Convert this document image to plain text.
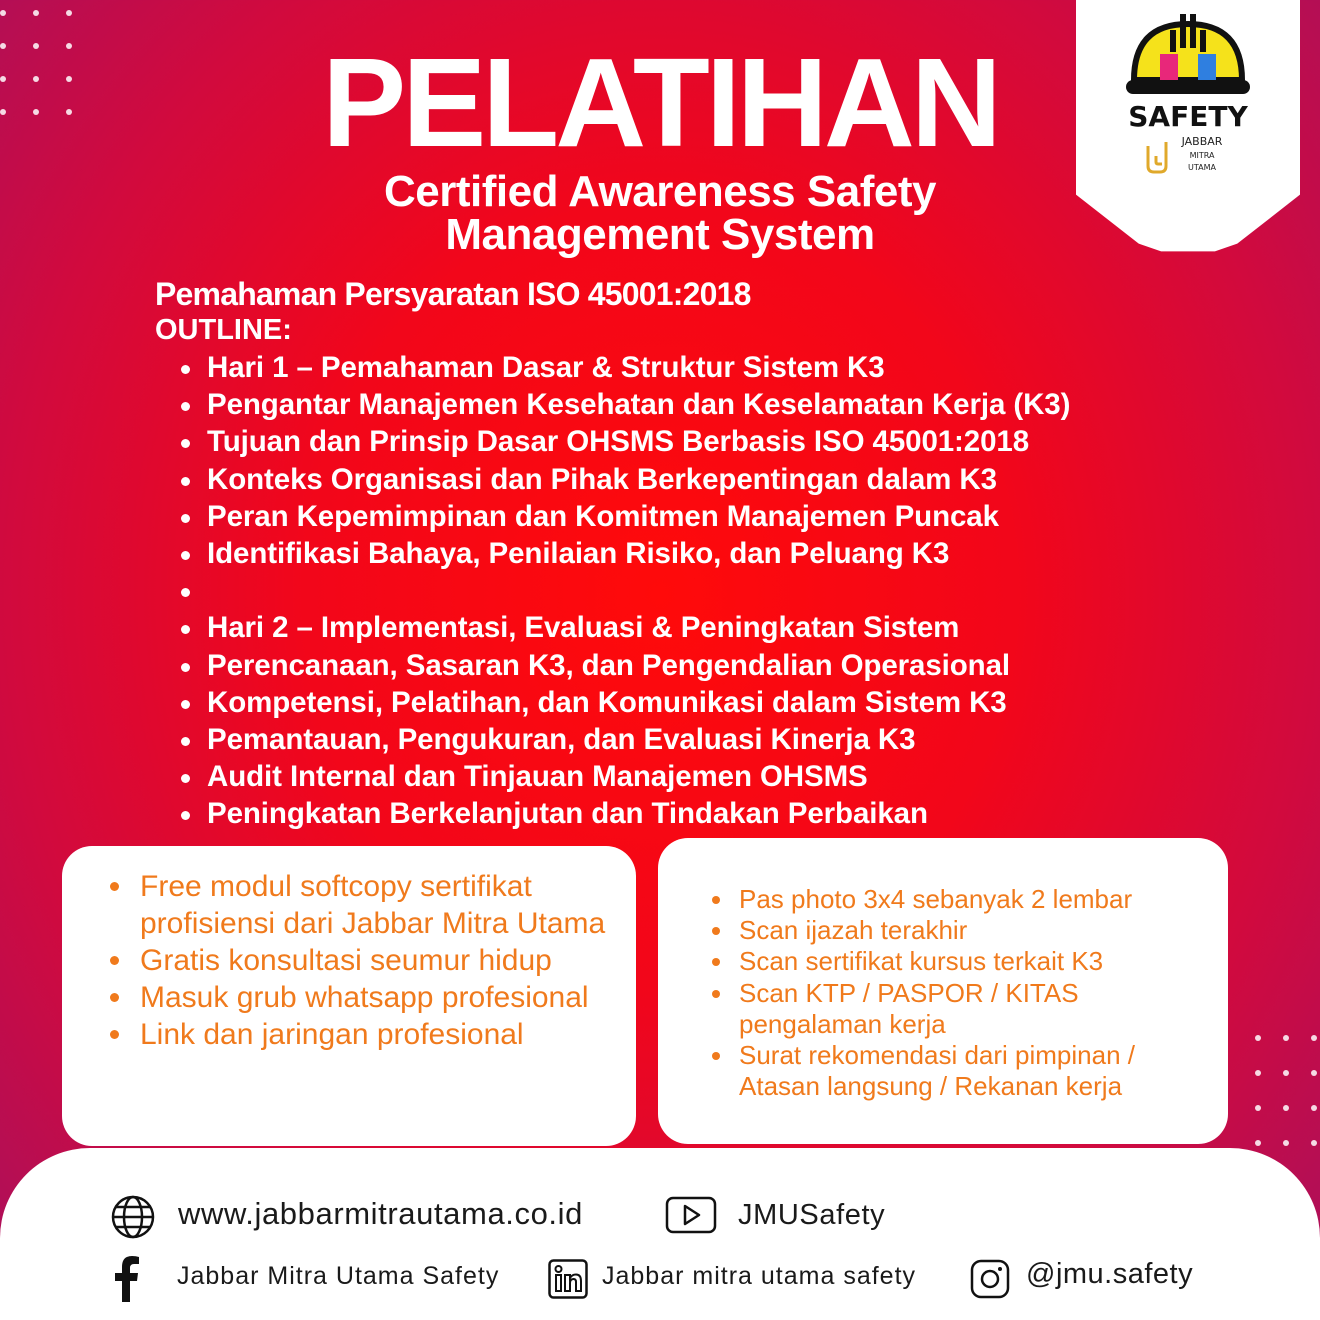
SAFETY
JABBAR
MITRA
UTAMA
PELATIHAN
Certified Awareness Safety
Management System
Pemahaman Persyaratan ISO 45001:2018
OUTLINE:
Hari 1 – Pemahaman Dasar & Struktur Sistem K3
Pengantar Manajemen Kesehatan dan Keselamatan Kerja (K3)
Tujuan dan Prinsip Dasar OHSMS Berbasis ISO 45001:2018
Konteks Organisasi dan Pihak Berkepentingan dalam K3
Peran Kepemimpinan dan Komitmen Manajemen Puncak
Identifikasi Bahaya, Penilaian Risiko, dan Peluang K3
Hari 2 – Implementasi, Evaluasi & Peningkatan Sistem
Perencanaan, Sasaran K3, dan Pengendalian Operasional
Kompetensi, Pelatihan, dan Komunikasi dalam Sistem K3
Pemantauan, Pengukuran, dan Evaluasi Kinerja K3
Audit Internal dan Tinjauan Manajemen OHSMS
Peningkatan Berkelanjutan dan Tindakan Perbaikan
Free modul softcopy sertifikat profisiensi dari Jabbar Mitra Utama
Gratis konsultasi seumur hidup
Masuk grub whatsapp profesional
Link dan jaringan profesional
Pas photo 3x4 sebanyak 2 lembar
Scan ijazah terakhir
Scan sertifikat kursus terkait K3
Scan KTP / PASPOR / KITAS pengalaman kerja
Surat rekomendasi dari pimpinan / Atasan langsung / Rekanan kerja
www.jabbarmitrautama.co.id	JMUSafety
Jabbar Mitra Utama Safety	Jabbar mitra utama safety	@jmu.safety
